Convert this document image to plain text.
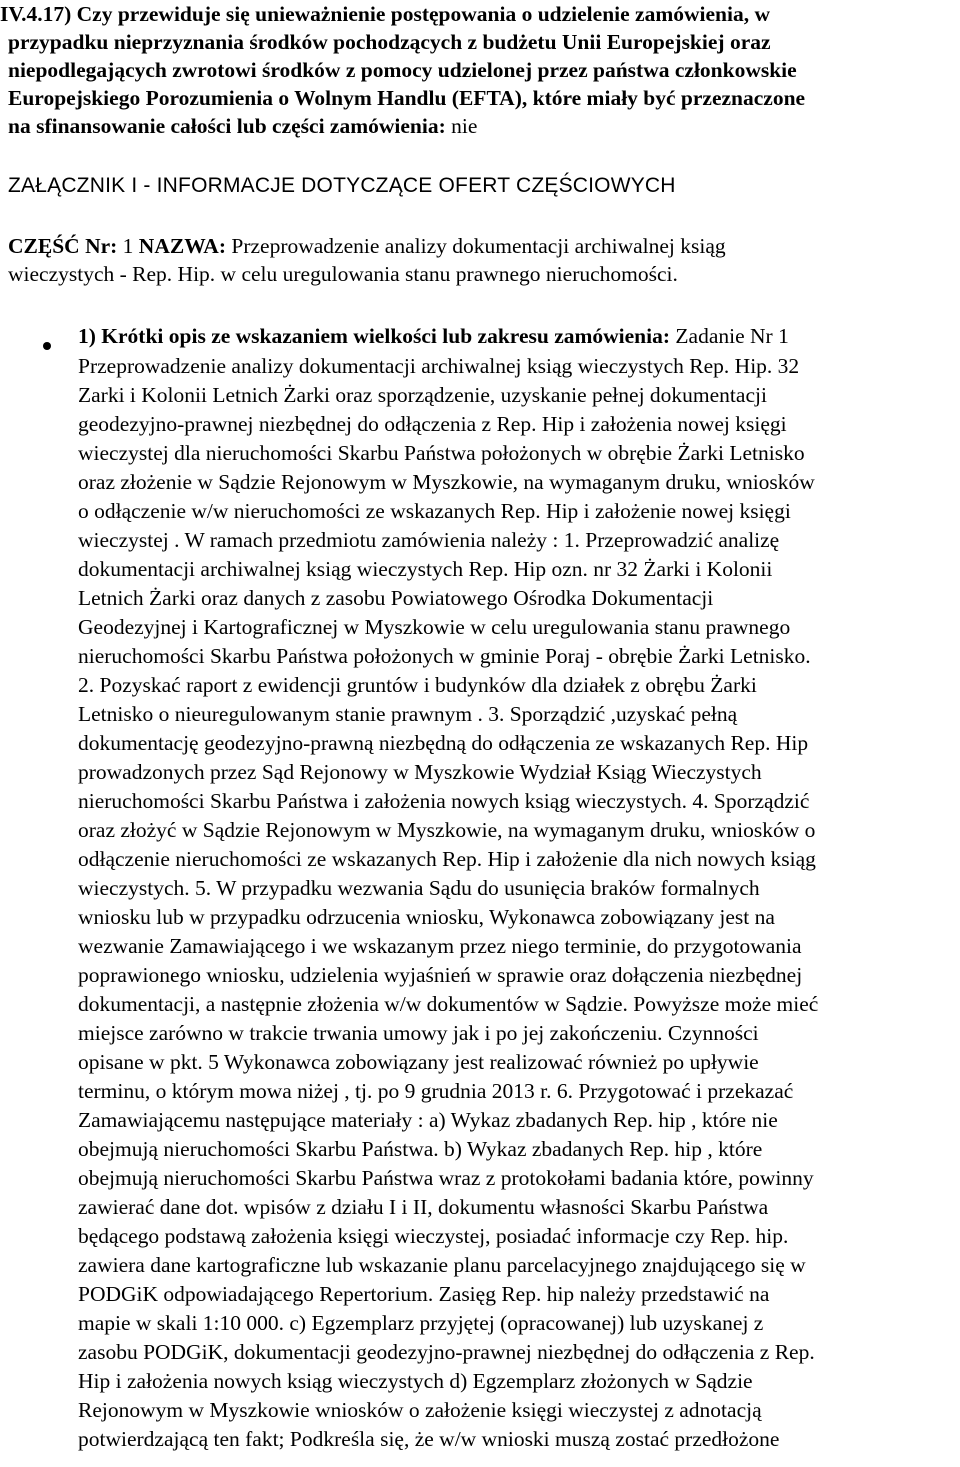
IV.4.17) Czy przewiduje się unieważnienie postępowania o udzielenie zamówienia, w
przypadku nieprzyznania środków pochodzących z budżetu Unii Europejskiej oraz
niepodlegających zwrotowi środków z pomocy udzielonej przez państwa członkowskie
Europejskiego Porozumienia o Wolnym Handlu (EFTA), które miały być przeznaczone
na sfinansowanie całości lub części zamówienia: nie
ZAŁĄCZNIK I - INFORMACJE DOTYCZĄCE OFERT CZĘŚCIOWYCH
CZĘŚĆ Nr: 1 NAZWA: Przeprowadzenie analizy dokumentacji archiwalnej ksiąg
wieczystych - Rep. Hip. w celu uregulowania stanu prawnego nieruchomości.
1) Krótki opis ze wskazaniem wielkości lub zakresu zamówienia: Zadanie Nr 1
Przeprowadzenie analizy dokumentacji archiwalnej ksiąg wieczystych Rep. Hip. 32
Zarki i Kolonii Letnich Żarki oraz sporządzenie, uzyskanie pełnej dokumentacji
geodezyjno-prawnej niezbędnej do odłączenia z Rep. Hip i założenia nowej księgi
wieczystej dla nieruchomości Skarbu Państwa położonych w obrębie Żarki Letnisko
oraz złożenie w Sądzie Rejonowym w Myszkowie, na wymaganym druku, wniosków
o odłączenie w/w nieruchomości ze wskazanych Rep. Hip i założenie nowej księgi
wieczystej . W ramach przedmiotu zamówienia należy : 1. Przeprowadzić analizę
dokumentacji archiwalnej ksiąg wieczystych Rep. Hip ozn. nr 32 Żarki i Kolonii
Letnich Żarki oraz danych z zasobu Powiatowego Ośrodka Dokumentacji
Geodezyjnej i Kartograficznej w Myszkowie w celu uregulowania stanu prawnego
nieruchomości Skarbu Państwa położonych w gminie Poraj - obrębie Żarki Letnisko.
2. Pozyskać raport z ewidencji gruntów i budynków dla działek z obrębu Żarki
Letnisko o nieuregulowanym stanie prawnym . 3. Sporządzić ,uzyskać pełną
dokumentację geodezyjno-prawną niezbędną do odłączenia ze wskazanych Rep. Hip
prowadzonych przez Sąd Rejonowy w Myszkowie Wydział Ksiąg Wieczystych
nieruchomości Skarbu Państwa i założenia nowych ksiąg wieczystych. 4. Sporządzić
oraz złożyć w Sądzie Rejonowym w Myszkowie, na wymaganym druku, wniosków o
odłączenie nieruchomości ze wskazanych Rep. Hip i założenie dla nich nowych ksiąg
wieczystych. 5. W przypadku wezwania Sądu do usunięcia braków formalnych
wniosku lub w przypadku odrzucenia wniosku, Wykonawca zobowiązany jest na
wezwanie Zamawiającego i we wskazanym przez niego terminie, do przygotowania
poprawionego wniosku, udzielenia wyjaśnień w sprawie oraz dołączenia niezbędnej
dokumentacji, a następnie złożenia w/w dokumentów w Sądzie. Powyższe może mieć
miejsce zarówno w trakcie trwania umowy jak i po jej zakończeniu. Czynności
opisane w pkt. 5 Wykonawca zobowiązany jest realizować również po upływie
terminu, o którym mowa niżej , tj. po 9 grudnia 2013 r. 6. Przygotować i przekazać
Zamawiającemu następujące materiały : a) Wykaz zbadanych Rep. hip , które nie
obejmują nieruchomości Skarbu Państwa. b) Wykaz zbadanych Rep. hip , które
obejmują nieruchomości Skarbu Państwa wraz z protokołami badania które, powinny
zawierać dane dot. wpisów z działu I i II, dokumentu własności Skarbu Państwa
będącego podstawą założenia księgi wieczystej, posiadać informacje czy Rep. hip.
zawiera dane kartograficzne lub wskazanie planu parcelacyjnego znajdującego się w
PODGiK odpowiadającego Repertorium. Zasięg Rep. hip należy przedstawić na
mapie w skali 1:10 000. c) Egzemplarz przyjętej (opracowanej) lub uzyskanej z
zasobu PODGiK, dokumentacji geodezyjno-prawnej niezbędnej do odłączenia z Rep.
Hip i założenia nowych ksiąg wieczystych d) Egzemplarz złożonych w Sądzie
Rejonowym w Myszkowie wniosków o założenie księgi wieczystej z adnotacją
potwierdzającą ten fakt; Podkreśla się, że w/w wnioski muszą zostać przedłożone
